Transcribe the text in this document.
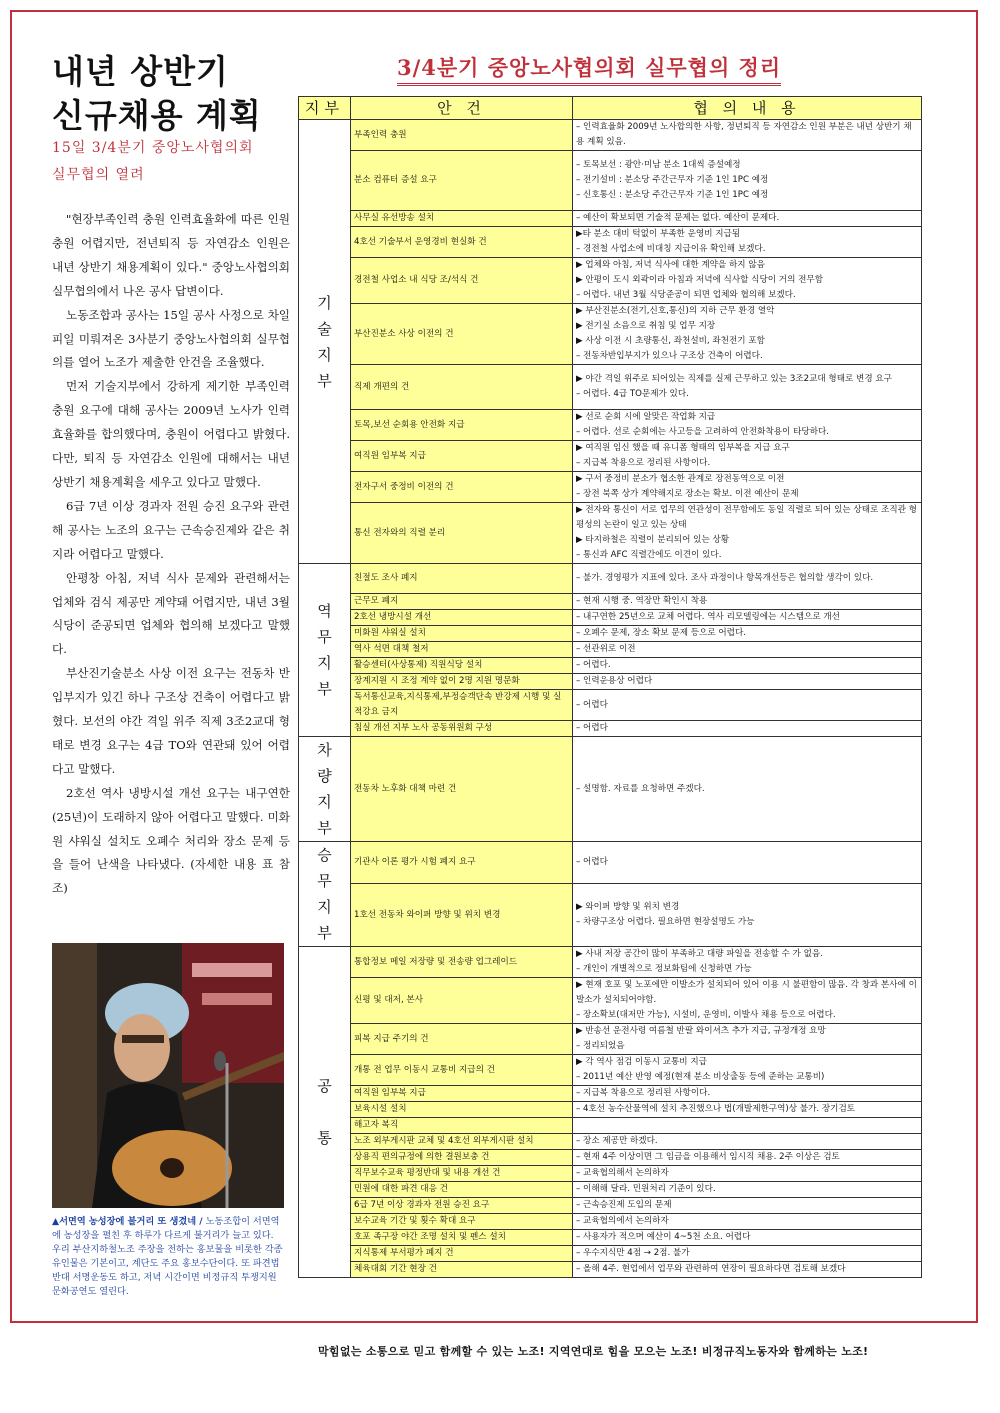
내년 상반기
신규채용 계획
15일 3/4분기 중앙노사협의회
실무협의 열려

"현장부족인력 충원 인력효율화에 따른 인원 충원 어렵지만, 전년퇴직 등 자연감소 인원은 내년 상반기 채용계획이 있다." 중앙노사협의회 실무협의에서 나온 공사 답변이다.

노동조합과 공사는 15일 공사 사정으로 차일피일 미뤄져온 3사분기 중앙노사협의회 실무협의를 열어 노조가 제출한 안건을 조율했다.

먼저 기술지부에서 강하게 제기한 부족인력충원 요구에 대해 공사는 2009년 노사가 인력효율화를 합의했다며, 충원이 어렵다고 밝혔다. 다만, 퇴직 등 자연감소 인원에 대해서는 내년 상반기 채용계획을 세우고 있다고 말했다.

6급 7년 이상 경과자 전원 승진 요구와 관련해 공사는 노조의 요구는 근속승진제와 같은 취지라 어렵다고 말했다.

안평창 아침, 저녁 식사 문제와 관련해서는 업체와 검식 제공만 계약돼 어렵지만, 내년 3월 식당이 준공되면 업체와 협의해 보겠다고 말했다.

부산진기술분소 사상 이전 요구는 전동차 반입부지가 있긴 하나 구조상 건축이 어렵다고 밝혔다. 보선의 야간 격일 위주 직제 3조2교대 형태로 변경 요구는 4급 TO와 연관돼 있어 어렵다고 말했다.

2호선 역사 냉방시설 개선 요구는 내구연한(25년)이 도래하지 않아 어렵다고 말했다. 미화원 샤워실 설치도 오폐수 처리와 장소 문제 등을 들어 난색을 나타냈다. (자세한 내용 표 참조)

▲서면역 농성장에 불거리 또 생겼네 / 노동조합이 서면역에 농성장을 펼친 후 하루가 다르게 불거리가 늘고 있다. 우리 부산지하철노조 주장을 전하는 홍보물을 비롯한 각종 유인물은 기본이고, 계단도 주요 홍보수단이다. 또 파견법 반대 서명운동도 하고, 저녁 시간이면 비정규직 투쟁지원 문화공연도 열린다.
3/4분기 중앙노사협의회 실무협의 정리
지부	안 건	협 의 내 용
기
술
지
부	부족인력 충원	– 인력효율화 2009년 노사합의한 사항, 정년퇴직 등 자연감소 인원 부분은 내년 상반기 채용 계획 있음.
	분소 컴퓨터 증설 요구	– 토목보선 : 광안·미남 분소 1대씩 증설예정
– 전기설비 : 분소당 주간근무자 기준 1인 1PC 예정
– 신호통신 : 분소당 주간근무자 기준 1인 1PC 예정
	사무실 유선방송 설치	– 예산이 확보되면 기술적 문제는 없다. 예산이 문제다.
	4호선 기술부서 운영경비 현실화 건	▶타 분소 대비 턱없이 부족한 운영비 지급됨
– 경전철 사업소에 비대칭 지급이유 확인해 보겠다.
	경전철 사업소 내 식당 조/석식 건	▶ 업체와 아침, 저녁 식사에 대한 계약을 하지 않음
▶ 안평이 도시 외곽이라 아침과 저녁에 식사할 식당이 거의 전무함
– 어렵다. 내년 3월 식당준공이 되면 업체와 협의해 보겠다.
	부산진분소 사상 이전의 건	▶ 부산진분소(전기,신호,통신)의 지하 근무 환경 열악
▶ 전기실 소음으로 취침 및 업무 지장
▶ 사상 이전 시 초량통신, 좌천설비, 좌천전기 포함
– 전동차반입부지가 있으나 구조상 건축이 어렵다.
	직제 개편의 건	▶ 야간 격일 위주로 되어있는 직제를 실제 근무하고 있는 3조2교대 형태로 변경 요구
– 어렵다. 4급 TO문제가 있다.
	토목,보선 순회용 안전화 지급	▶ 선로 순회 시에 알맞은 작업화 지급
– 어렵다. 선로 순회에는 사고등을 고려하여 안전화착용이 타당하다.
	여직원 임부복 지급	▶ 여직원 임신 했을 때 유니폼 형태의 임부복을 지급 요구
– 지급복 착용으로 정리된 사항이다.
	전자구서 중정비 이전의 건	▶ 구서 중정비 분소가 협소한 관계로 장전동역으로 이전
– 장전 북쪽 상가 계약해지로 장소는 확보. 이전 예산이 문제
	통신 전자와의 직렬 분리	▶ 전자와 통신이 서로 업무의 연관성이 전무함에도 동일 직렬로 되어 있는 상태로 조직관 형평성의 논란이 일고 있는 상태
▶ 타지하철은 직렬이 분리되어 있는 상황
– 통신과 AFC 직렬간에도 이견이 있다.
역
무
지
부	친절도 조사 폐지	– 불가. 경영평가 지표에 있다. 조사 과정이나 항목개선등은 협의할 생각이 있다.
	근무모 폐지	– 현재 시행 중. 역장만 확인시 착용
	2호선 냉방시설 개선	– 내구연한 25년으로 교체 어렵다. 역사 리모델링에는 시스템으로 개선
	미화원 샤워실 설치	– 오폐수 문제, 장소 확보 문제 등으로 어렵다.
	역사 석면 대책 철저	– 선관위로 이전
	활승센터(사상통제) 직원식당 설치	– 어렵다.
	장계지원 시 조정 계약 없이 2명 지원 명문화	– 인력운용상 어렵다
	독서통신교육,지식통제,부정승객단속 반강제 시행 및 실적강요 금지	– 어렵다
	침실 개선 지부 노사 공동위원회 구성	– 어렵다
차
량
지
부	전동차 노후화 대책 마련 건	– 설명함. 자료를 요청하면 주겠다.
승
무
지
부	기관사 이론 평가 시험 폐지 요구	– 어렵다
	1호선 전동차 와이퍼 방향 및 위치 변경	▶ 와이퍼 방향 및 위치 변경
– 차량구조상 어렵다. 필요하면 현장설명도 가능
공

통	통합정보 메일 저장량 및 전송량 업그레이드	▶ 사내 저장 공간이 많이 부족하고 대량 파일을 전송할 수 가 없음.
– 개인이 개별적으로 정보화팀에 신청하면 가능
	신평 및 대저, 본사	▶ 현재 호포 및 노포에만 이발소가 설치되어 있어 이용 시 불편함이 많음. 각 창과 본사에 이발소가 설치되어야함.
– 장소확보(대저만 가능), 시설비, 운영비, 이발사 채용 등으로 어렵다.
	피복 지급 주기의 건	▶ 반송선 운전사령 여름철 반팔 와이셔츠 추가 지급, 규정개정 요망
– 정리되었음
	개통 전 업무 이동시 교통비 지급의 건	▶ 각 역사 점검 이동시 교통비 지급
– 2011년 예산 반영 예정(현재 분소 비상출동 등에 준하는 교통비)
	여직원 임부복 지급	– 지급복 착용으로 정리된 사항이다.
	보육시설 설치	– 4호선 농수산물역에 설치 추진했으나 법(개발제한구역)상 불가. 장기검토
	해고자 복직	
	노조 외부게시판 교체 및 4호선 외부게시판 설치	– 장소 제공만 하겠다.
	상용직 편의규정에 의한 결원보충 건	– 현재 4주 이상이면 그 임금을 이용해서 임시직 채용. 2주 이상은 검토
	직무보수교육 평정반대 및 내용 개선 건	– 교육협의해서 논의하자
	민원에 대한 파견 대응 건	– 이해해 달라. 민원처리 기준이 있다.
	6급 7년 이상 경과자 전원 승진 요구	– 근속승진제 도입의 문제
	보수교육 기간 및 횟수 확대 요구	– 교육협의에서 논의하자
	호포 족구장 야간 조명 설치 및 펜스 설치	– 사용자가 적으며 예산이 4~5천 소요. 어렵다
	지식통제 부서평가 폐지 건	– 우수지식만 4점 → 2점. 불가
	체육대회 기간 현장 건	– 올해 4주. 현업에서 업무와 관련하여 연장이 필요하다면 검토해 보겠다
막힘없는 소통으로 믿고 함께할 수 있는 노조! 지역연대로 힘을 모으는 노조! 비정규직노동자와 함께하는 노조!
